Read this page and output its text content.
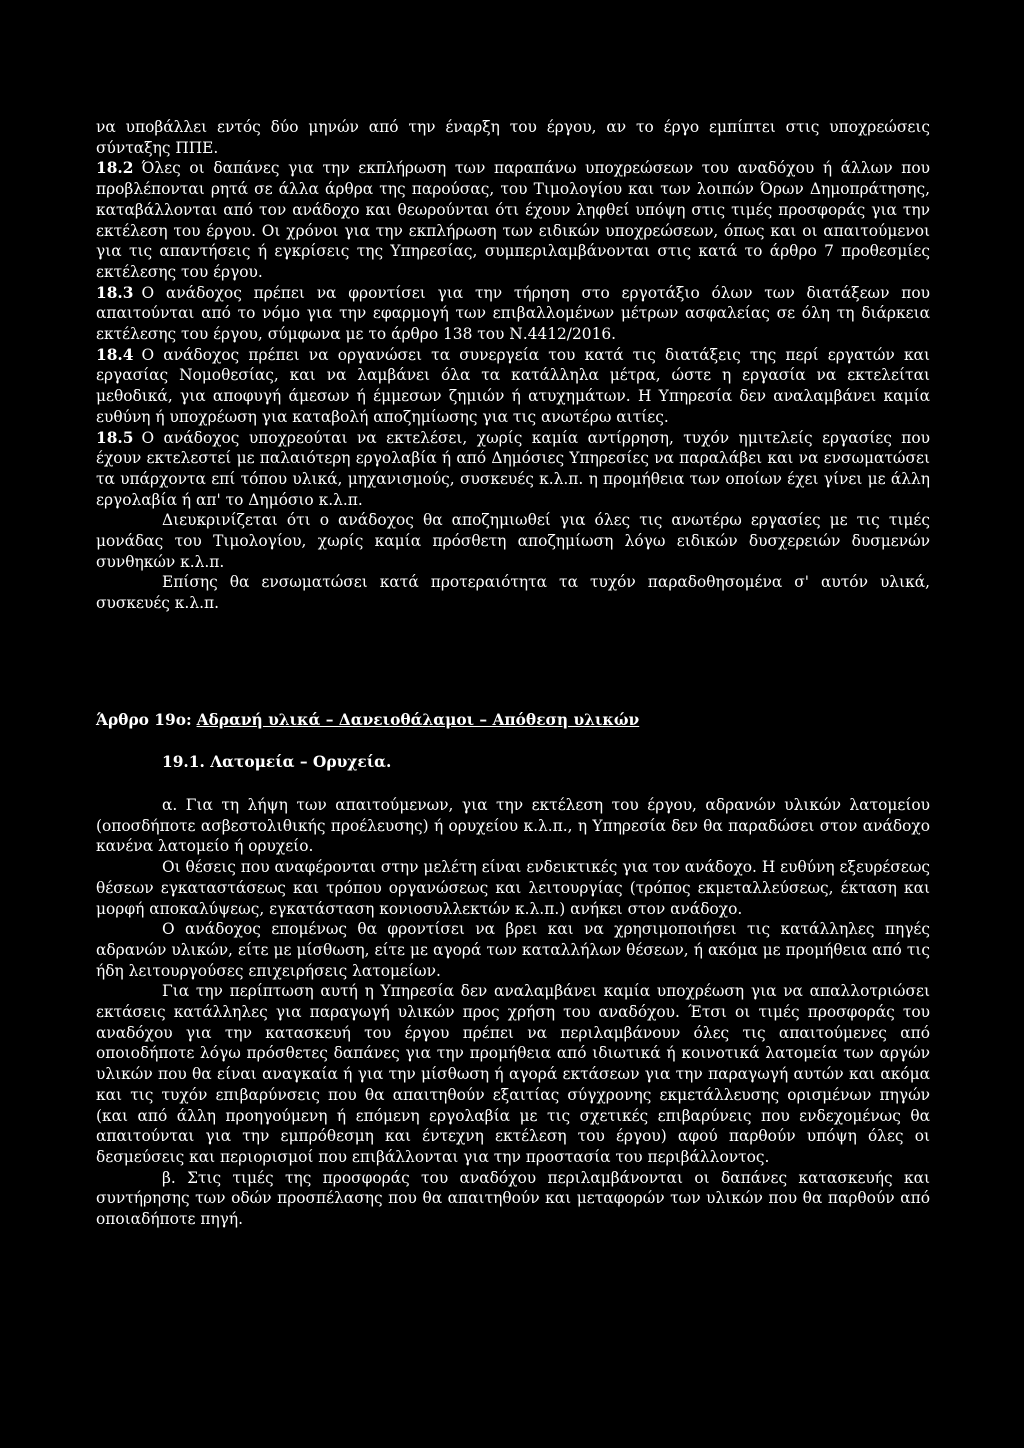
να υποβάλλει εντός δύο μηνών από την έναρξη του έργου, αν το έργο εμπίπτει στις υποχρεώσεις σύνταξης ΠΠΕ.

18.2 Όλες οι δαπάνες για την εκπλήρωση των παραπάνω υποχρεώσεων του αναδόχου ή άλλων που προβλέπονται ρητά σε άλλα άρθρα της παρούσας, του Τιμολογίου και των λοιπών Όρων Δημοπράτησης, καταβάλλονται από τον ανάδοχο και θεωρούνται ότι έχουν ληφθεί υπόψη στις τιμές προσφοράς για την εκτέλεση του έργου. Οι χρόνοι για την εκπλήρωση των ειδικών υποχρεώσεων, όπως και οι απαιτούμενοι για τις απαντήσεις ή εγκρίσεις της Υπηρεσίας, συμπεριλαμβάνονται στις κατά το άρθρο 7 προθεσμίες εκτέλεσης του έργου.

18.3 Ο ανάδοχος πρέπει να φροντίσει για την τήρηση στο εργοτάξιο όλων των διατάξεων που απαιτούνται από το νόμο για την εφαρμογή των επιβαλλομένων μέτρων ασφαλείας σε όλη τη διάρκεια εκτέλεσης του έργου, σύμφωνα με το άρθρο 138 του Ν.4412/2016.

18.4 Ο ανάδοχος πρέπει να οργανώσει τα συνεργεία του κατά τις διατάξεις της περί εργατών και εργασίας Νομοθεσίας, και να λαμβάνει όλα τα κατάλληλα μέτρα, ώστε η εργασία να εκτελείται μεθοδικά, για αποφυγή άμεσων ή έμμεσων ζημιών ή ατυχημάτων. Η Υπηρεσία δεν αναλαμβάνει καμία ευθύνη ή υποχρέωση για καταβολή αποζημίωσης για τις ανωτέρω αιτίες.

18.5 Ο ανάδοχος υποχρεούται να εκτελέσει, χωρίς καμία αντίρρηση, τυχόν ημιτελείς εργασίες που έχουν εκτελεστεί με παλαιότερη εργολαβία ή από Δημόσιες Υπηρεσίες να παραλάβει και να ενσωματώσει τα υπάρχοντα επί τόπου υλικά, μηχανισμούς, συσκευές κ.λ.π. η προμήθεια των οποίων έχει γίνει με άλλη εργολαβία ή απ' το Δημόσιο κ.λ.π.

Διευκρινίζεται ότι ο ανάδοχος θα αποζημιωθεί για όλες τις ανωτέρω εργασίες με τις τιμές μονάδας του Τιμολογίου, χωρίς καμία πρόσθετη αποζημίωση λόγω ειδικών δυσχερειών δυσμενών συνθηκών κ.λ.π.

Επίσης θα ενσωματώσει κατά προτεραιότητα τα τυχόν παραδοθησομένα σ' αυτόν υλικά, συσκευές κ.λ.π.

Άρθρο 19ο: Αδρανή υλικά – Δανειοθάλαμοι – Απόθεση υλικών

19.1. Λατομεία – Ορυχεία.

α. Για τη λήψη των απαιτούμενων, για την εκτέλεση του έργου, αδρανών υλικών λατομείου (οποσδήποτε ασβεστολιθικής προέλευσης) ή ορυχείου κ.λ.π., η Υπηρεσία δεν θα παραδώσει στον ανάδοχο κανένα λατομείο ή ορυχείο.

Οι θέσεις που αναφέρονται στην μελέτη είναι ενδεικτικές για τον ανάδοχο. Η ευθύνη εξευρέσεως θέσεων εγκαταστάσεως και τρόπου οργανώσεως και λειτουργίας (τρόπος εκμεταλλεύσεως, έκταση και μορφή αποκαλύψεως, εγκατάσταση κονιοσυλλεκτών κ.λ.π.) ανήκει στον ανάδοχο.

Ο ανάδοχος επομένως θα φροντίσει να βρει και να χρησιμοποιήσει τις κατάλληλες πηγές αδρανών υλικών, είτε με μίσθωση, είτε με αγορά των καταλλήλων θέσεων, ή ακόμα με προμήθεια από τις ήδη λειτουργούσες επιχειρήσεις λατομείων.

Για την περίπτωση αυτή η Υπηρεσία δεν αναλαμβάνει καμία υποχρέωση για να απαλλοτριώσει εκτάσεις κατάλληλες για παραγωγή υλικών προς χρήση του αναδόχου. Έτσι οι τιμές προσφοράς του αναδόχου για την κατασκευή του έργου πρέπει να περιλαμβάνουν όλες τις απαιτούμενες από οποιοδήποτε λόγω πρόσθετες δαπάνες για την προμήθεια από ιδιωτικά ή κοινοτικά λατομεία των αργών υλικών που θα είναι αναγκαία ή για την μίσθωση ή αγορά εκτάσεων για την παραγωγή αυτών και ακόμα και τις τυχόν επιβαρύνσεις που θα απαιτηθούν εξαιτίας σύγχρονης εκμετάλλευσης ορισμένων πηγών (και από άλλη προηγούμενη ή επόμενη εργολαβία με τις σχετικές επιβαρύνεις που ενδεχομένως θα απαιτούνται για την εμπρόθεσμη και έντεχνη εκτέλεση του έργου) αφού παρθούν υπόψη όλες οι δεσμεύσεις και περιορισμοί που επιβάλλονται για την προστασία του περιβάλλοντος.

β. Στις τιμές της προσφοράς του αναδόχου περιλαμβάνονται οι δαπάνες κατασκευής και συντήρησης των οδών προσπέλασης που θα απαιτηθούν και μεταφορών των υλικών που θα παρθούν από οποιαδήποτε πηγή.
